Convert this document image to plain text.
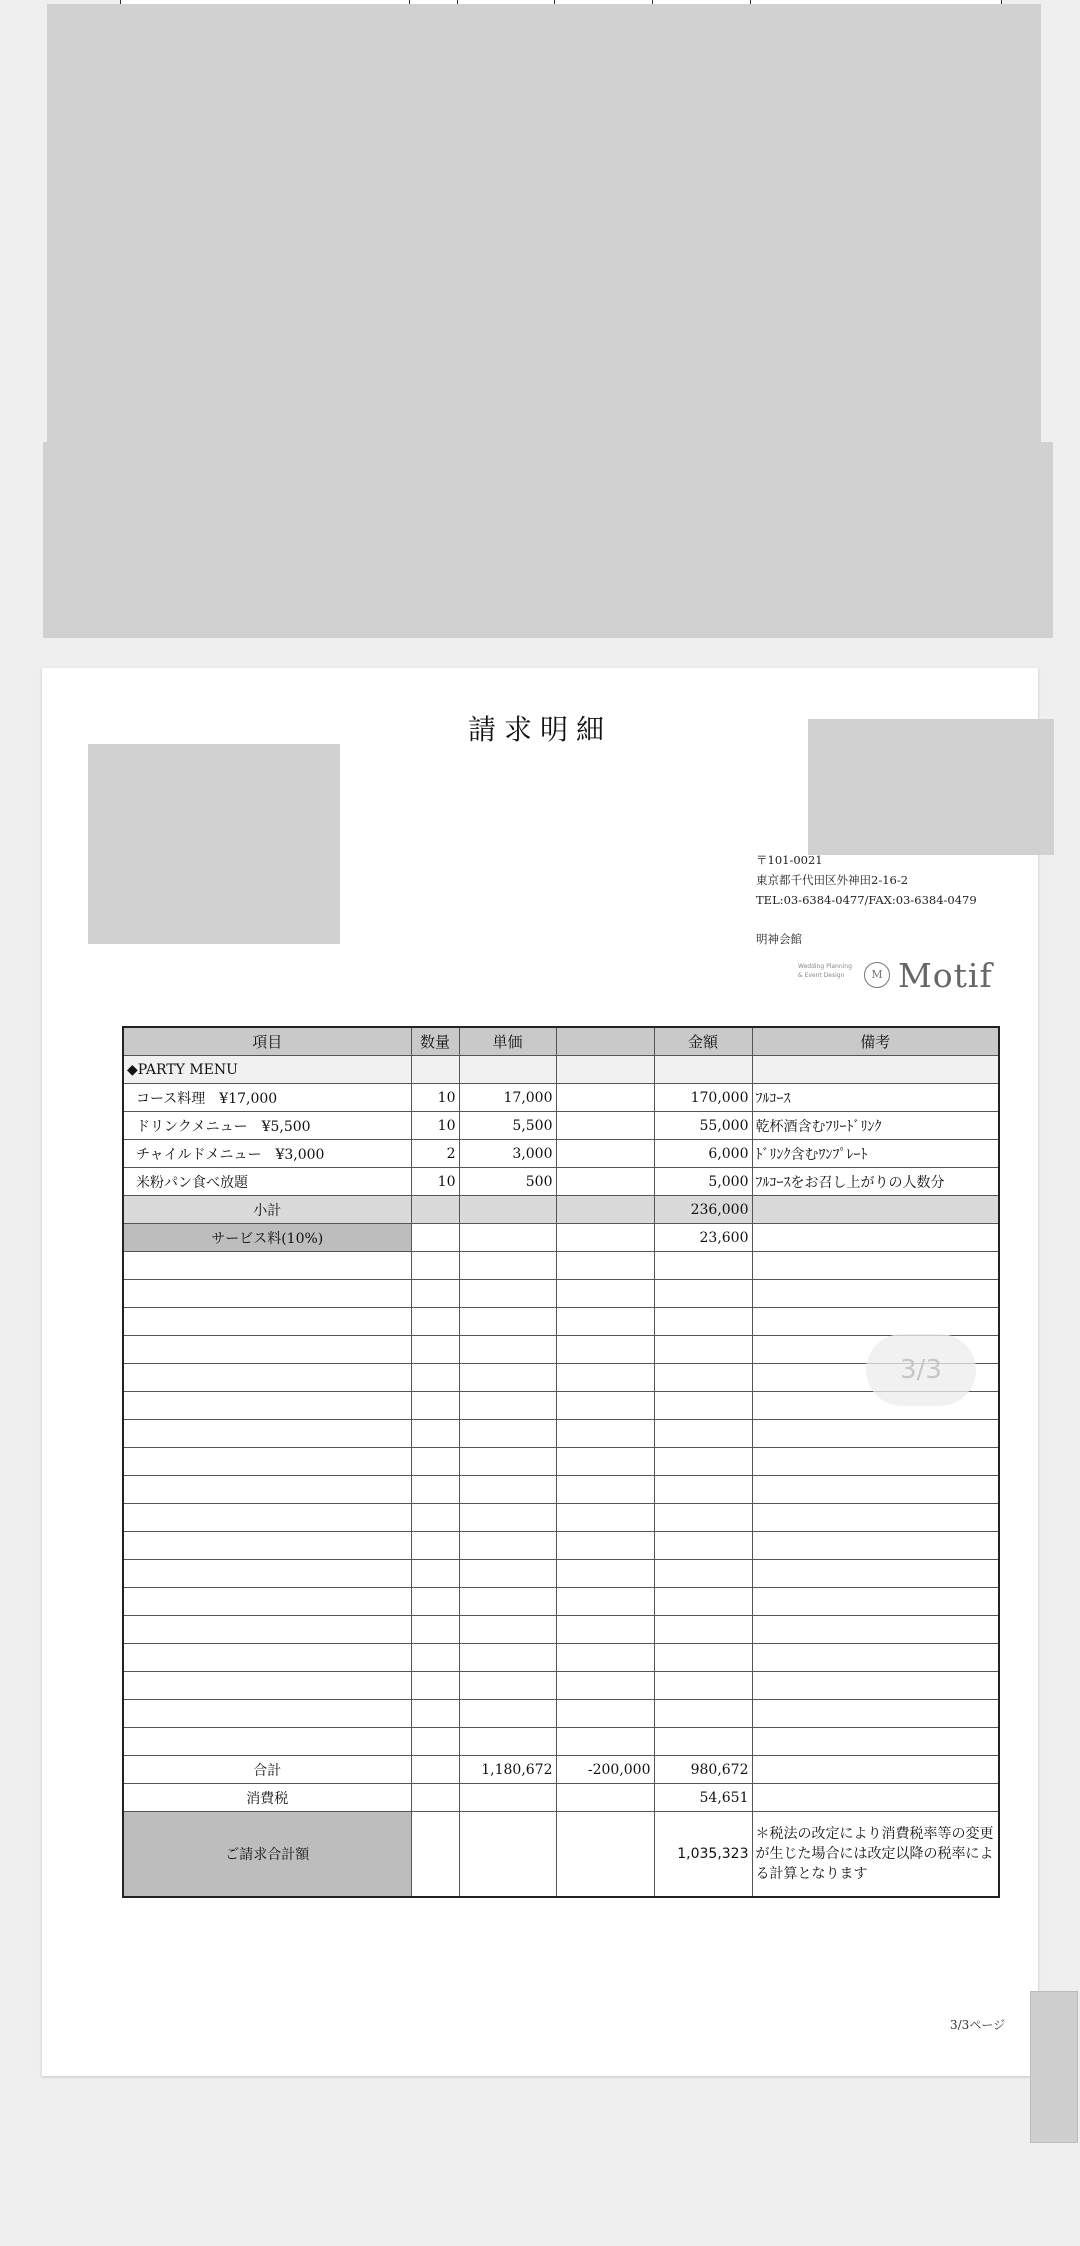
請求明細
〒101-0021
東京都千代田区外神田2-16-2
TEL:03-6384-0477/FAX:03-6384-0479
明神会館
Wedding Planning
& Event Design	M Motif
項目	数量	単価		金額	備考
◆PARTY MENU					
コース料理　¥17,000	10	17,000		170,000	ﾌﾙｺｰｽ
ドリンクメニュー　¥5,500	10	5,500		55,000	乾杯酒含むﾌﾘｰﾄﾞﾘﾝｸ
チャイルドメニュー　¥3,000	2	3,000		6,000	ﾄﾞﾘﾝｸ含むﾜﾝﾌﾟﾚｰﾄ
米粉パン食べ放題	10	500		5,000	ﾌﾙｺｰｽをお召し上がりの人数分
小計				236,000	
サービス料(10%)				23,600	

合計		1,180,672	-200,000	980,672	
消費税				54,651	
ご請求合計額				1,035,323	＊税法の改定により消費税率等の変更が生じた場合には改定以降の税率による計算となります
3/3ページ
3/3
